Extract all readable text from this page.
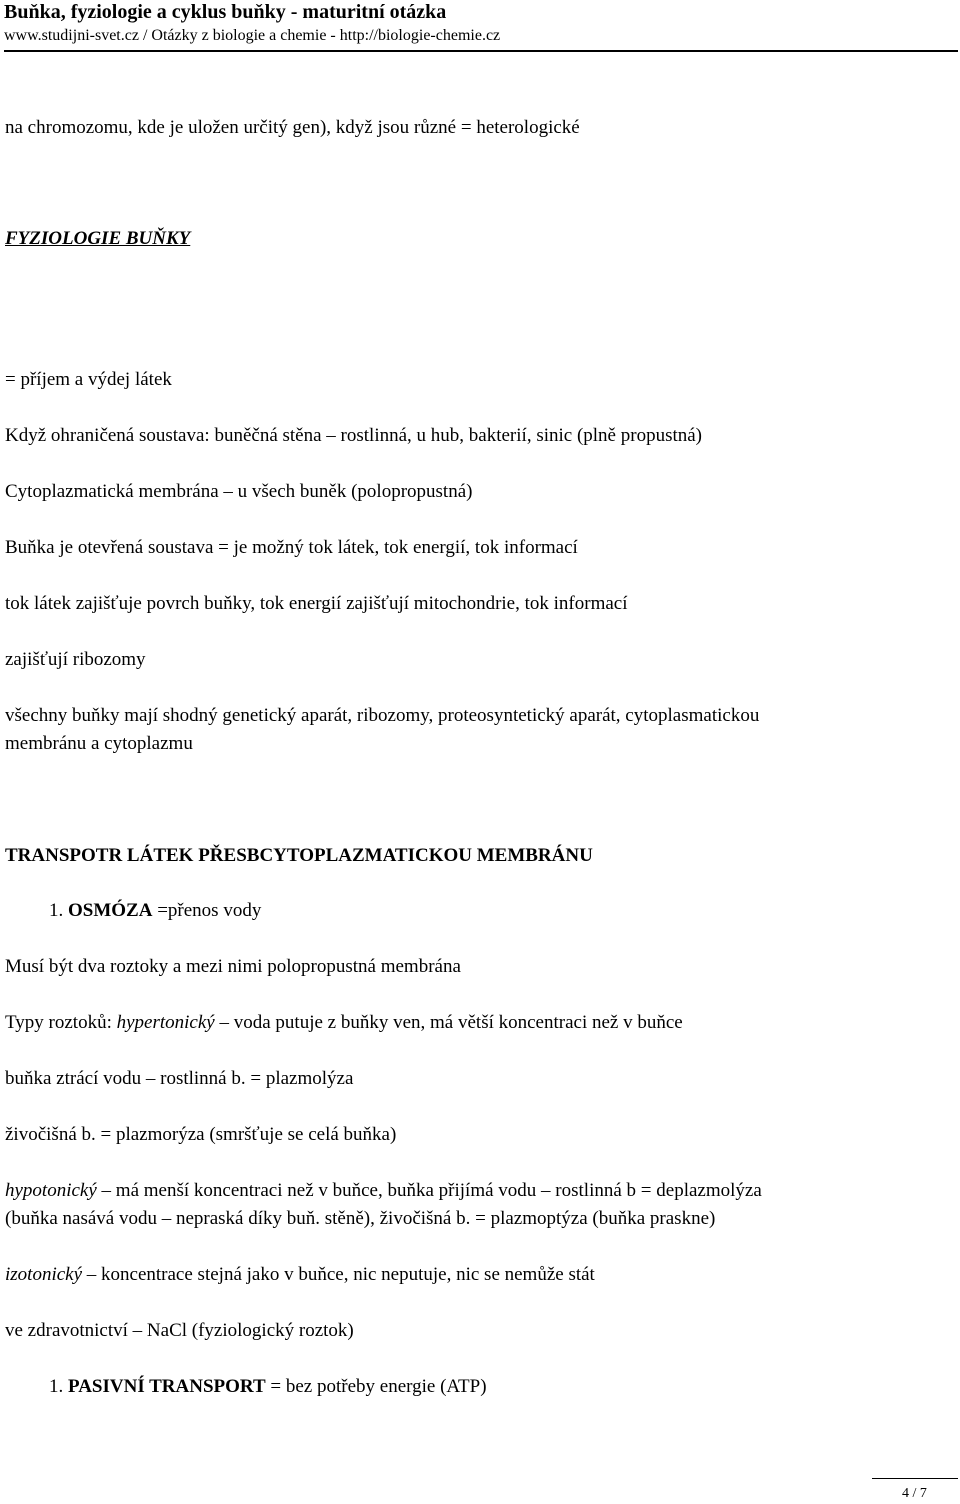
Buňka, fyziologie a cyklus buňky - maturitní otázka
www.studijni-svet.cz / Otázky z biologie a chemie - http://biologie-chemie.cz
na chromozomu, kde je uložen určitý gen), když jsou různé = heterologické
FYZIOLOGIE BUŇKY
= příjem a výdej látek
Když ohraničená soustava: buněčná stěna – rostlinná, u hub, bakterií, sinic (plně propustná)
Cytoplazmatická membrána – u všech buněk (polopropustná)
Buňka je otevřená soustava = je možný tok látek, tok energií, tok informací
tok látek zajišťuje povrch buňky, tok energií zajišťují mitochondrie, tok informací
zajišťují ribozomy
všechny buňky mají shodný genetický aparát, ribozomy, proteosyntetický aparát, cytoplasmatickou
membránu a cytoplazmu
TRANSPOTR LÁTEK PŘESBCYTOPLAZMATICKOU MEMBRÁNU
1. OSMÓZA =přenos vody
Musí být dva roztoky a mezi nimi polopropustná membrána
Typy roztoků: hypertonický – voda putuje z buňky ven, má větší koncentraci než v buňce
buňka ztrácí vodu – rostlinná b. = plazmolýza
živočišná b. = plazmorýza (smršťuje se celá buňka)
hypotonický – má menší koncentraci než v buňce, buňka přijímá vodu – rostlinná b = deplazmolýza
(buňka nasává vodu – nepraská díky buň. stěně), živočišná b. = plazmoptýza (buňka praskne)
izotonický – koncentrace stejná jako v buňce, nic neputuje, nic se nemůže stát
ve zdravotnictví – NaCl (fyziologický roztok)
1. PASIVNÍ TRANSPORT = bez potřeby energie (ATP)
4 / 7
